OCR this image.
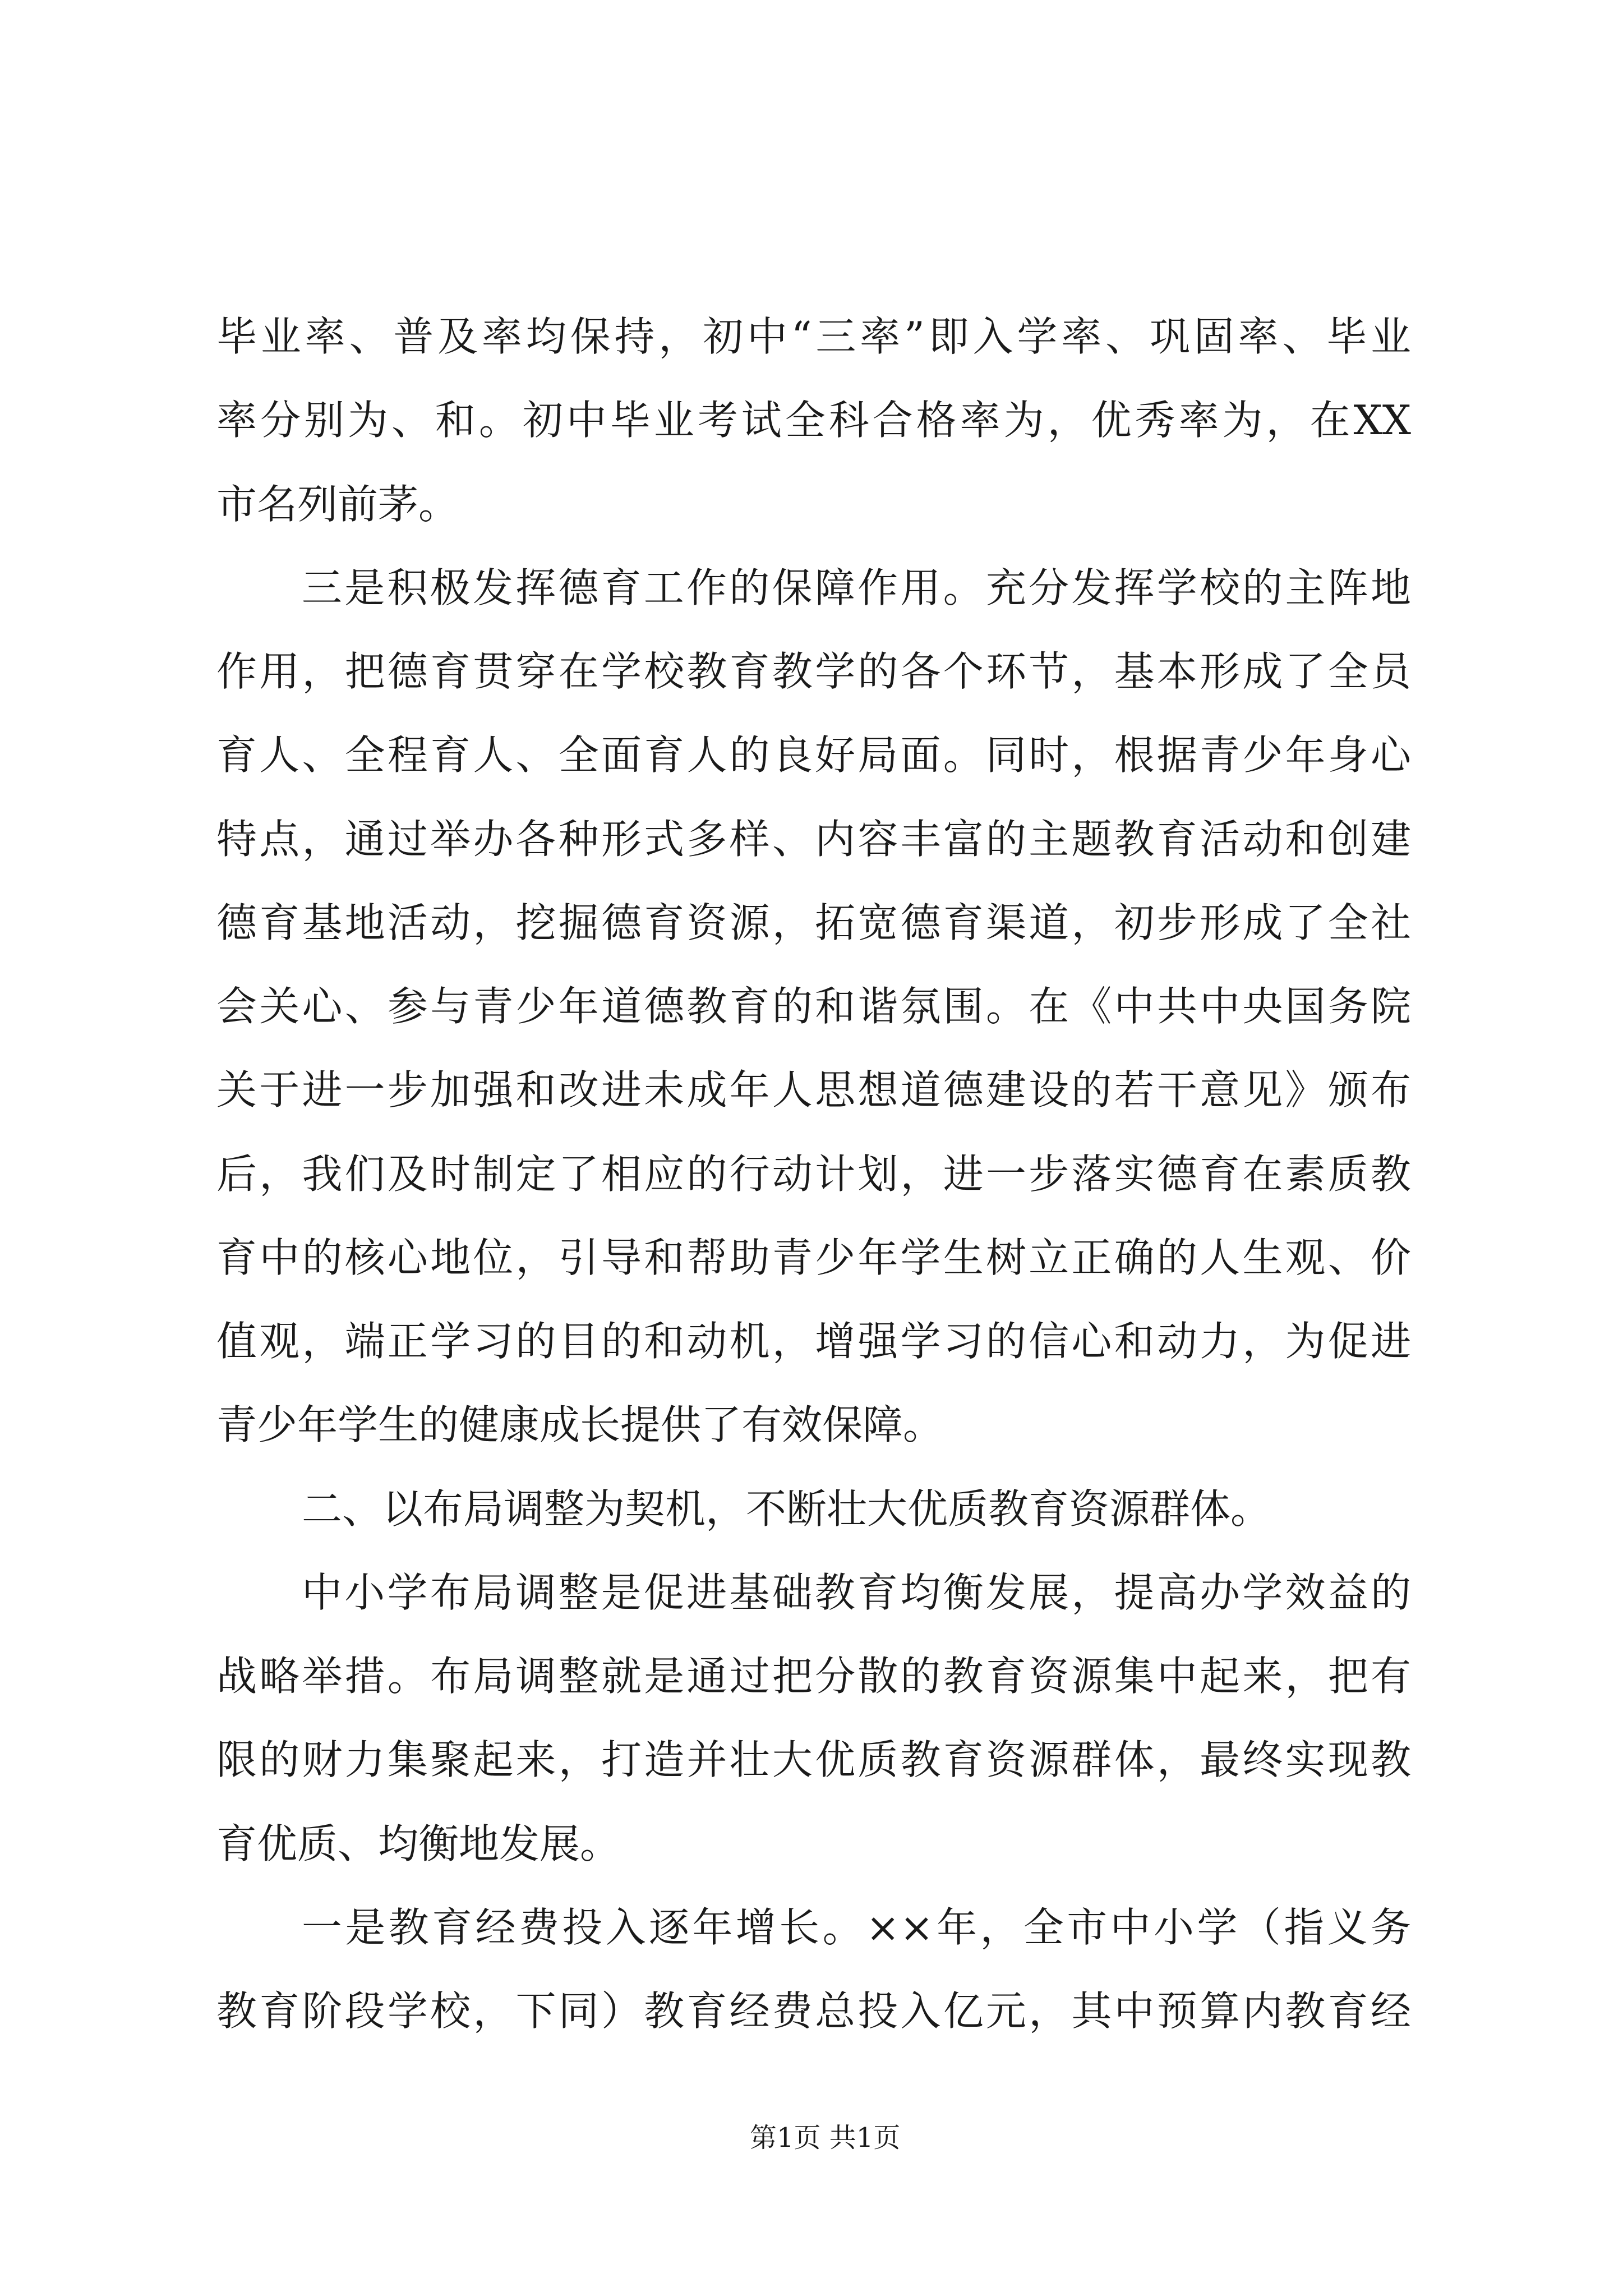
毕业率、普及率均保持，初中“三率”即入学率、巩固率、毕业
率分别为、和。初中毕业考试全科合格率为，优秀率为，在XX
市名列前茅。
三是积极发挥德育工作的保障作用。充分发挥学校的主阵地
作用，把德育贯穿在学校教育教学的各个环节，基本形成了全员
育人、全程育人、全面育人的良好局面。同时，根据青少年身心
特点，通过举办各种形式多样、内容丰富的主题教育活动和创建
德育基地活动，挖掘德育资源，拓宽德育渠道，初步形成了全社
会关心、参与青少年道德教育的和谐氛围。在《中共中央国务院
关于进一步加强和改进未成年人思想道德建设的若干意见》颁布
后，我们及时制定了相应的行动计划，进一步落实德育在素质教
育中的核心地位，引导和帮助青少年学生树立正确的人生观、价
值观，端正学习的目的和动机，增强学习的信心和动力，为促进
青少年学生的健康成长提供了有效保障。
二、以布局调整为契机，不断壮大优质教育资源群体。
中小学布局调整是促进基础教育均衡发展，提高办学效益的
战略举措。布局调整就是通过把分散的教育资源集中起来，把有
限的财力集聚起来，打造并壮大优质教育资源群体，最终实现教
育优质、均衡地发展。
一是教育经费投入逐年增长。××年，全市中小学（指义务
教育阶段学校，下同）教育经费总投入亿元，其中预算内教育经
第1页 共1页
